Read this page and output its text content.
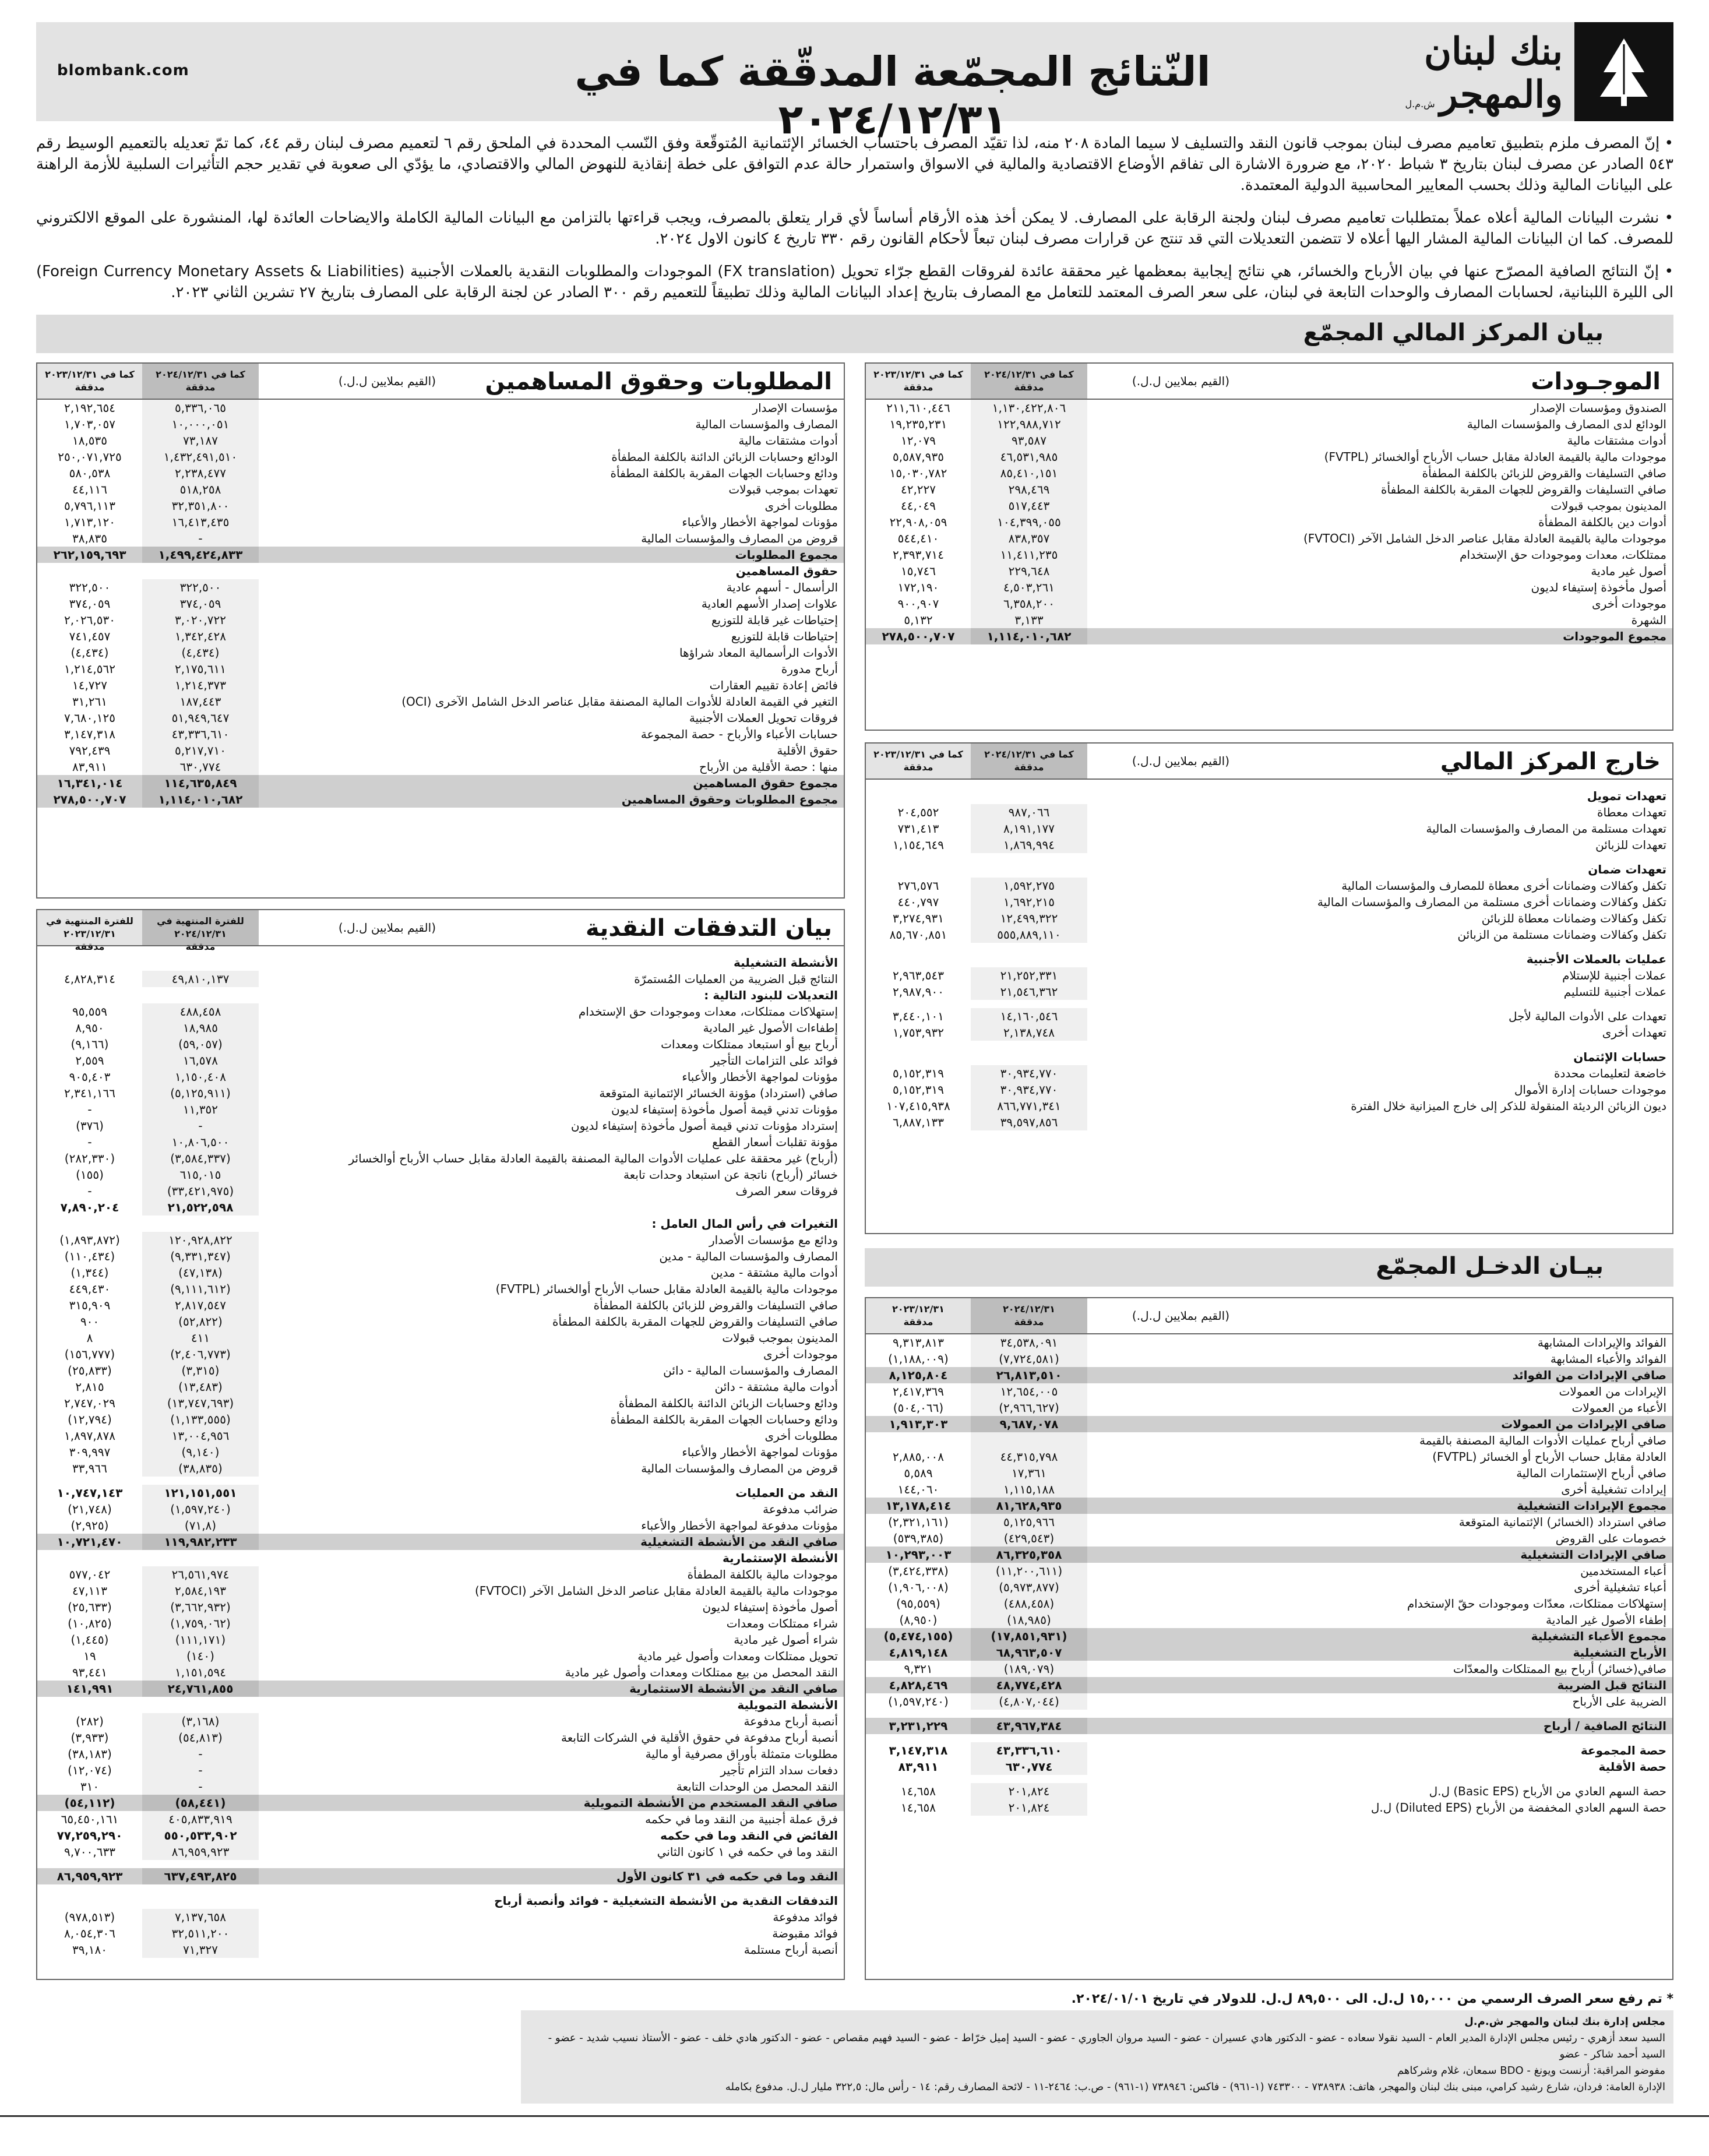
blombank.com	النّتائج المجمّعة المدقّقة كما في ٢٠٢٤/١٢/٣١
بنك لبنان
والمهجرش.م.ل

• إنّ المصرف ملزم بتطبيق تعاميم مصرف لبنان بموجب قانون النقد والتسليف لا سيما المادة ٢٠٨ منه، لذا تقيّد المصرف باحتساب الخسائر الإئتمانية المُتوقّعة وفق النّسب المحددة في الملحق رقم ٦ لتعميم مصرف لبنان رقم ٤٤، كما تمّ تعديله بالتعميم الوسيط رقم ٥٤٣ الصادر عن مصرف لبنان بتاريخ ٣ شباط ٢٠٢٠، مع ضرورة الاشارة الى تفاقم الأوضاع الاقتصادية والمالية في الاسواق واستمرار حالة عدم التوافق على خطة إنقاذية للنهوض المالي والاقتصادي، ما يؤدّي الى صعوبة في تقدير حجم التأثيرات السلبية للأزمة الراهنة على البيانات المالية وذلك بحسب المعايير المحاسبية الدولية المعتمدة.

• نشرت البيانات المالية أعلاه عملاً بمتطلبات تعاميم مصرف لبنان ولجنة الرقابة على المصارف. لا يمكن أخذ هذه الأرقام أساساً لأي قرار يتعلق بالمصرف، ويجب قراءتها بالتزامن مع البيانات المالية الكاملة والايضاحات العائدة لها، المنشورة على الموقع الالكتروني للمصرف. كما ان البيانات المالية المشار اليها أعلاه لا تتضمن التعديلات التي قد تنتج عن قرارات مصرف لبنان تبعاً لأحكام القانون رقم ٣٣٠ تاريخ ٤ كانون الاول ٢٠٢٤.

• إنّ النتائج الصافية المصرّح عنها في بيان الأرباح والخسائر، هي نتائج إيجابية بمعظمها غير محققة عائدة لفروقات القطع جرّاء تحويل (FX translation) الموجودات والمطلوبات النقدية بالعملات الأجنبية (Foreign Currency Monetary Assets & Liabilities) الى الليرة اللبنانية، لحسابات المصارف والوحدات التابعة في لبنان، على سعر الصرف المعتمد للتعامل مع المصارف بتاريخ إعداد البيانات المالية وذلك تطبيقاً للتعميم رقم ٣٠٠ الصادر عن لجنة الرقابة على المصارف بتاريخ ٢٧ تشرين الثاني ٢٠٢٣.

بيان المركز المالي المجمّع
الموجـودات
(القيم بملايين ل.ل.)
كما في ٢٠٢٤/١٢/٣١
مدققة
كما في ٢٠٢٣/١٢/٣١
مدققة
الصندوق ومؤسسات الإصدار
١,١٣٠,٤٢٢,٨٠٦
٢١١,٦١٠,٤٤٦
الودائع لدى المصارف والمؤسسات المالية
١٢٢,٩٨٨,٧١٢
١٩,٢٣٥,٢٣١
أدوات مشتقات مالية
٩٣,٥٨٧
١٢,٠٧٩
موجودات مالية بالقيمة العادلة مقابل حساب الأرباح أوالخسائر (FVTPL)
٤٦,٥٣١,٩٨٥
٥,٥٨٧,٩٣٥
صافي التسليفات والقروض للزبائن بالكلفة المطفأة
٨٥,٤١٠,١٥١
١٥,٠٣٠,٧٨٢
صافي التسليفات والقروض للجهات المقربة بالكلفة المطفأة
٢٩٨,٤٦٩
٤٢,٢٢٧
المدينون بموجب قبولات
٥١٧,٤٤٣
٤٤,٠٤٩
أدوات دين بالكلفة المطفأة
١٠٤,٣٩٩,٠٥٥
٢٢,٩٠٨,٠٥٩
موجودات مالية بالقيمة العادلة مقابل عناصر الدخل الشامل الآخر (FVTOCI)
٨٣٨,٣٥٧
٥٤٤,٤١٠
ممتلكات، معدات وموجودات حق الإستخدام
١١,٤١١,٢٣٥
٢,٣٩٣,٧١٤
أصول غير مادية
٢٢٩,٦٤٨
١٥,٧٤٦
أصول مأخوذة إستيفاء لديون
٤,٥٠٣,٢٦١
١٧٢,١٩٠
موجودات أخرى
٦,٣٥٨,٢٠٠
٩٠٠,٩٠٧
الشهرة
٣,١٣٣
٥,١٣٢
مجموع الموجودات
١,١١٤,٠١٠,٦٨٢
٢٧٨,٥٠٠,٧٠٧
خارج المركز المالي
(القيم بملايين ل.ل.)
كما في ٢٠٢٤/١٢/٣١
مدققة
كما في ٢٠٢٣/١٢/٣١
مدققة
تعهدات تمويل
تعهدات معطاة
٩٨٧,٠٦٦
٢٠٤,٥٥٢
تعهدات مستلمة من المصارف والمؤسسات المالية
٨,١٩١,١٧٧
٧٣١,٤١٣
تعهدات للزبائن
١,٨٦٩,٩٩٤
١,١٥٤,٦٤٩
تعهدات ضمان
تكفل وكفالات وضمانات أخرى معطاة للمصارف والمؤسسات المالية
١,٥٩٢,٢٧٥
٢٧٦,٥٧٦
تكفل وكفالات وضمانات أخرى مستلمة من المصارف والمؤسسات المالية
١,٦٩٢,٢١٥
٤٤٠,٧٩٧
تكفل وكفالات وضمانات معطاة للزبائن
١٢,٤٩٩,٣٢٢
٣,٢٧٤,٩٣١
تكفل وكفالات وضمانات مستلمة من الزبائن
٥٥٥,٨٨٩,١١٠
٨٥,٦٧٠,٨٥١
عمليات بالعملات الأجنبية
عملات أجنبية للإستلام
٢١,٢٥٢,٣٣١
٢,٩٦٣,٥٤٣
عملات أجنبية للتسليم
٢١,٥٤٦,٣٦٢
٢,٩٨٧,٩٠٠
تعهدات على الأدوات المالية لأجل
١٤,١٦٠,٥٤٦
٣,٤٤٠,١٠١
تعهدات أخرى
٢,١٣٨,٧٤٨
١,٧٥٣,٩٣٢
حسابات الإئتمان
خاضعة لتعليمات محددة
٣٠,٩٣٤,٧٧٠
٥,١٥٢,٣١٩
موجودات حسابات إدارة الأموال
٣٠,٩٣٤,٧٧٠
٥,١٥٢,٣١٩
ديون الزبائن الرديئة المنقولة للذكر إلى خارج الميزانية خلال الفترة
٨٦٦,٧٧١,٣٤١
١٠٧,٤١٥,٩٣٨
٣٩,٥٩٧,٨٥٦
٦,٨٨٧,١٣٣
بيـان الدخـل المجمّع
(القيم بملايين ل.ل.)
٢٠٢٤/١٢/٣١
مدققة
٢٠٢٣/١٢/٣١
مدققة
الفوائد والإيرادات المشابهة
٣٤,٥٣٨,٠٩١
٩,٣١٣,٨١٣
الفوائد والأعباء المشابهة
(٧,٧٢٤,٥٨١)
(١,١٨٨,٠٠٩)
صافي الإيرادات من الفوائد
٢٦,٨١٣,٥١٠
٨,١٢٥,٨٠٤
الإيرادات من العمولات
١٢,٦٥٤,٠٠٥
٢,٤١٧,٣٦٩
الأعباء من العمولات
(٢,٩٦٦,٦٢٧)
(٥٠٤,٠٦٦)
صافي الإيرادات من العمولات
٩,٦٨٧,٠٧٨
١,٩١٣,٣٠٣
صافي أرباح عمليات الأدوات المالية المصنفة بالقيمة
العادلة مقابل حساب الأرباح أو الخسائر (FVTPL)
٤٤,٣١٥,٧٩٨
٢,٨٨٥,٠٠٨
صافي أرباح الإستثمارات المالية
١٧,٣٦١
٥,٥٨٩
إيرادات تشغيلية أخرى
١,١١٥,١٨٨
١٤٤,٠٦٠
مجموع الإيرادات التشغيلية
٨١,٦٢٨,٩٣٥
١٣,١٧٨,٤١٤
صافي استرداد (الخسائر) الإئتمانية المتوقعة
٥,١٢٥,٩٦٦
(٢,٣٢١,١٦١)
خصومات على القروض
(٤٢٩,٥٤٣)
(٥٣٩,٣٨٥)
صافي الإيرادات التشغيلية
٨٦,٣٢٥,٣٥٨
١٠,٢٩٣,٠٠٣
أعباء المستخدمين
(١١,٢٠٠,٦١١)
(٣,٤٢٤,٣٣٨)
أعباء تشغيلية أخرى
(٥,٩٧٣,٨٧٧)
(١,٩٠٦,٠٠٨)
إستهلاكات ممتلكات، معدّات وموجودات حقّ الإستخدام
(٤٨٨,٤٥٨)
(٩٥,٥٥٩)
إطفاء الأصول غير المادية
(١٨,٩٨٥)
(٨,٩٥٠)
مجموع الأعباء التشغيلية
(١٧,٨٥١,٩٣١)
(٥,٤٧٤,١٥٥)
الأرباح التشغيلية
٦٨,٩٦٣,٥٠٧
٤,٨١٩,١٤٨
صافي(خسائر) أرباح بيع الممتلكات والمعدّات
(١٨٩,٠٧٩)
٩,٣٢١
النتائج قبل الضريبة
٤٨,٧٧٤,٤٢٨
٤,٨٢٨,٤٦٩
الضريبة على الأرباح
(٤,٨٠٧,٠٤٤)
(١,٥٩٧,٢٤٠)
النتائج الصافية / أرباح
٤٣,٩٦٧,٣٨٤
٣,٢٣١,٢٢٩
حصة المجموعة
٤٣,٣٣٦,٦١٠
٣,١٤٧,٣١٨
حصة الأقلية
٦٣٠,٧٧٤
٨٣,٩١١
حصة السهم العادي من الأرباح (Basic EPS) ل.ل
٢٠١,٨٢٤
١٤,٦٥٨
حصة السهم العادي المخفضة من الأرباح (Diluted EPS) ل.ل
٢٠١,٨٢٤
١٤,٦٥٨
المطلوبات وحقوق المساهمين
(القيم بملايين ل.ل.)
كما في ٢٠٢٤/١٢/٣١
مدققة
كما في ٢٠٢٣/١٢/٣١
مدققة
مؤسسات الإصدار
٥,٣٣٦,٠٦٥
٢,١٩٢,٦٥٤
المصارف والمؤسسات المالية
١٠,٠٠٠,٠٥١
١,٧٠٣,٠٥٧
أدوات مشتقات مالية
٧٣,١٨٧
١٨,٥٣٥
الودائع وحسابات الزبائن الدائنة بالكلفة المطفأة
١,٤٣٢,٤٩١,٥١٠
٢٥٠,٠٧١,٧٢٥
ودائع وحسابات الجهات المقربة بالكلفة المطفأة
٢,٢٣٨,٤٧٧
٥٨٠,٥٣٨
تعهدات بموجب قبولات
٥١٨,٢٥٨
٤٤,١١٦
مطلوبات أخرى
٣٢,٣٥١,٨٠٠
٥,٧٩٦,١١٣
مؤونات لمواجهة الأخطار والأعباء
١٦,٤١٣,٤٣٥
١,٧١٣,١٢٠
قروض من المصارف والمؤسسات المالية
-
٣٨,٨٣٥
مجموع المطلوبات
١,٤٩٩,٤٢٤,٨٣٣
٢٦٢,١٥٩,٦٩٣
حقوق المساهمين
الرأسمال - أسهم عادية
٣٢٢,٥٠٠
٣٢٢,٥٠٠
علاوات إصدار الأسهم العادية
٣٧٤,٠٥٩
٣٧٤,٠٥٩
إحتياطات غير قابلة للتوزيع
٣,٠٢٠,٧٢٢
٢,٠٢٦,٥٣٠
إحتياطات قابلة للتوزيع
١,٣٤٢,٤٢٨
٧٤١,٤٥٧
الأدوات الرأسمالية المعاد شراؤها
(٤,٤٣٤)
(٤,٤٣٤)
أرباح مدورة
٢,١٧٥,٦١١
١,٢١٤,٥٦٢
فائض إعادة تقييم العقارات
١,٢١٤,٣٧٣
١٤,٧٢٧
التغير في القيمة العادلة للأدوات المالية المصنفة مقابل عناصر الدخل الشامل الآخرى (OCI)
١٨٧,٤٤٣
٣١,٢٦١
فروقات تحويل العملات الأجنبية
٥١,٩٤٩,٦٤٧
٧,٦٨٠,١٢٥
حسابات الأعباء والأرباح - حصة المجموعة
٤٣,٣٣٦,٦١٠
٣,١٤٧,٣١٨
حقوق الأقلية
٥,٢١٧,٧١٠
٧٩٢,٤٣٩
منها : حصة الأقلية من الأرباح
٦٣٠,٧٧٤
٨٣,٩١١
مجموع حقوق المساهمين
١١٤,٦٣٥,٨٤٩
١٦,٣٤١,٠١٤
مجموع المطلوبات وحقوق المساهمين
١,١١٤,٠١٠,٦٨٢
٢٧٨,٥٠٠,٧٠٧
بيان التدفقات النقدية
(القيم بملايين ل.ل.)
للفترة المنتهية في ٢٠٢٤/١٢/٣١
مدققة
للفترة المنتهية في ٢٠٢٣/١٢/٣١
مدققة
الأنشطة التشغيلية
النتائج قبل الضريبة من العمليات المُستمرّة
٤٩,٨١٠,١٣٧
٤,٨٢٨,٣١٤
التعديلات للبنود التالية :
إستهلاكات ممتلكات، معدات وموجودات حق الإستخدام
٤٨٨,٤٥٨
٩٥,٥٥٩
إطفاءات الأصول غير المادية
١٨,٩٨٥
٨,٩٥٠
أرباح بيع أو استبعاد ممتلكات ومعدات
(٥٩,٠٥٧)
(٩,١٦٦)
فوائد على التزامات التأجير
١٦,٥٧٨
٢,٥٥٩
مؤونات لمواجهة الأخطار والأعباء
١,١٥٠,٤٠٨
٩٠٥,٤٠٣
صافي (استرداد) مؤونة الخسائر الإئتمانية المتوقعة
(٥,١٢٥,٩١١)
٢,٣٤١,١٦٦
مؤونات تدني قيمة أصول مأخوذة إستيفاء لديون
١١,٣٥٢
-
إسترداد مؤونات تدني قيمة أصول مأخوذة إستيفاء لديون
-
(٣٧٦)
مؤونة تقلبات أسعار القطع
١٠,٨٠٦,٥٠٠
-
(أرباح) غير محققة على عمليات الأدوات المالية المصنفة بالقيمة العادلة مقابل حساب الأرباح أوالخسائر
(٣,٥٨٤,٣٣٧)
(٢٨٢,٣٣٠)
خسائر (أرباح) ناتجة عن استبعاد وحدات تابعة
٦١٥,٠١٥
(١٥٥)
فروقات سعر الصرف
(٣٣,٤٢١,٩٧٥)
-
٢١,٥٢٢,٥٩٨
٧,٨٩٠,٢٠٤
التغيرات في رأس المال العامل :
ودائع مع مؤسسات الأصدار
١٢٠,٩٢٨,٨٢٢
(١,٨٩٣,٨٧٢)
المصارف والمؤسسات المالية - مدين
(٩,٣٣١,٣٤٧)
(١١٠,٤٣٤)
أدوات مالية مشتقة - مدين
(٤٧,١٣٨)
(١,٣٤٤)
موجودات مالية بالقيمة العادلة مقابل حساب الأرباح أوالخسائر (FVTPL)
(٩,١١١,٦١٢)
٤٤٩,٤٣٠
صافي التسليفات والقروض للزبائن بالكلفة المطفأة
٢,٨١٧,٥٤٧
٣١٥,٩٠٩
صافي التسليفات والقروض للجهات المقربة بالكلفة المطفأة
(٥٢,٨٢٢)
٩٠٠
المدينون بموجب قبولات
٤١١
٨
موجودات أخرى
(٢,٤٠٦,٧٧٣)
(١٥٦,٧٧٧)
المصارف والمؤسسات المالية - دائن
(٣,٣١٥)
(٢٥,٨٣٣)
أدوات مالية مشتقة - دائن
(١٣,٤٨٣)
٢,٨١٥
ودائع وحسابات الزبائن الدائنة بالكلفة المطفأة
(١٣,٧٤٧,٦٩٣)
٢,٧٤٧,٠٢٩
ودائع وحسابات الجهات المقربة بالكلفة المطفأة
(١,١٣٣,٥٥٥)
(١٢,٧٩٤)
مطلوبات أخرى
١٣,٠٠٤,٩٥٦
١,٨٩٧,٨٧٨
مؤونات لمواجهة الأخطار والأعباء
(٩,١٤٠)
٣٠٩,٩٩٧
قروض من المصارف والمؤسسات المالية
(٣٨,٨٣٥)
٣٣,٩٦٦
النقد من العمليات
١٢١,١٥١,٥٥١
١٠,٧٤٧,١٤٣
ضرائب مدفوعة
(١,٥٩٧,٢٤٠)
(٢١,٧٤٨)
مؤونات مدفوعة لمواجهة الأخطار والأعباء
(٧١,٨)
(٢,٩٢٥)
صافي النقد من الأنشطة التشغيلية
١١٩,٩٨٢,٢٣٣
١٠,٧٢١,٤٧٠
الأنشطة الإستثمارية
موجودات مالية بالكلفة المطفأة
٢٦,٥٦١,٩٧٤
٥٧٧,٠٤٢
موجودات مالية بالقيمة العادلة مقابل عناصر الدخل الشامل الآخر (FVTOCI)
٢,٥٨٤,١٩٣
٤٧,١١٣
أصول مأخوذة إستيفاء لديون
(٣,٦٦٢,٩٣٢)
(٢٥,٦٣٣)
شراء ممتلكات ومعدات
(١,٧٥٩,٠٦٢)
(١٠,٨٢٥)
شراء أصول غير مادية
(١١١,١٧١)
(١,٤٤٥)
تحويل ممتلكات ومعدات وأصول غير مادية
(١٤٠)
١٩
النقد المحصل من بيع ممتلكات ومعدات وأصول غير مادية
١,١٥١,٥٩٤
٩٣,٤٤١
صافي النقد من الأنشطة الاستثمارية
٢٤,٧٦١,٨٥٥
١٤١,٩٩١
الأنشطة التمويلية
أنصبة أرباح مدفوعة
(٣,١٦٨)
(٢٨٢)
أنصبة أرباح مدفوعة في حقوق الأقلية في الشركات التابعة
(٥٤,٨١٣)
(٣,٩٣٣)
مطلوبات متمثلة بأوراق مصرفية أو مالية
-
(٣٨,١٨٣)
دفعات سداد التزام تأجير
-
(١٢,٠٧٤)
النقد المحصل من الوحدات التابعة
-
٣١٠
صافي النقد المستخدم من الأنشطة التمويلية
(٥٨,٤٤١)
(٥٤,١١٢)
فرق عملة أجنبية من النقد وما في حكمه
٤٠٥,٨٣٣,٩١٩
٦٥,٤٥٠,١٦١
الفائض في النقد وما في حكمه
٥٥٠,٥٣٣,٩٠٢
٧٧,٢٥٩,٢٩٠
النقد وما في حكمه في ١ كانون الثاني
٨٦,٩٥٩,٩٢٣
٩,٧٠٠,٦٣٣
النقد وما في حكمه في ٣١ كانون الأول
٦٣٧,٤٩٣,٨٢٥
٨٦,٩٥٩,٩٢٣
التدفقات النقدية من الأنشطة التشغيلية - فوائد وأنصبة أرباح
فوائد مدفوعة
٧,١٣٧,٦٥٨
(٩٧٨,٥١٣)
فوائد مقبوضة
٣٢,٥١١,٢٠٠
٨,٠٥٤,٣٠٦
أنصبة أرباح مستلمة
٧١,٣٢٧
٣٩,١٨٠
* تم رفع سعر الصرف الرسمي من ١٥,٠٠٠ ل.ل. الى ٨٩,٥٠٠ ل.ل. للدولار في تاريخ ٢٠٢٤/٠١/٠١.
مجلس إدارة بنك لبنان والمهجر ش.م.ل
السيد سعد أزهري - رئيس مجلس الإدارة المدير العام - السيد نقولا سعاده - عضو - الدكتور هادي عسيران - عضو - السيد مروان الجاوري - عضو - السيد إميل خرّاط - عضو - السيد فهيم مقصاص - عضو - الدكتور هادي خلف - عضو - الأستاذ نسيب شديد - عضو - السيد أحمد شاكر - عضو
مفوضو المراقبة: أرنست ويونغ - BDO سمعان، غلام وشركاهم
الإدارة العامة: فردان، شارع رشيد كرامي، مبنى بنك لبنان والمهجر، هاتف: ٧٣٨٩٣٨ - ٧٤٣٣٠٠ (١-٩٦١) - فاكس: ٧٣٨٩٤٦ (١-٩٦١) - ص.ب: ٢٤٦٤-١١ - لائحة المصارف رقم: ١٤ - رأس مال: ٣٢٢,٥ مليار ل.ل. مدفوع بكامله
